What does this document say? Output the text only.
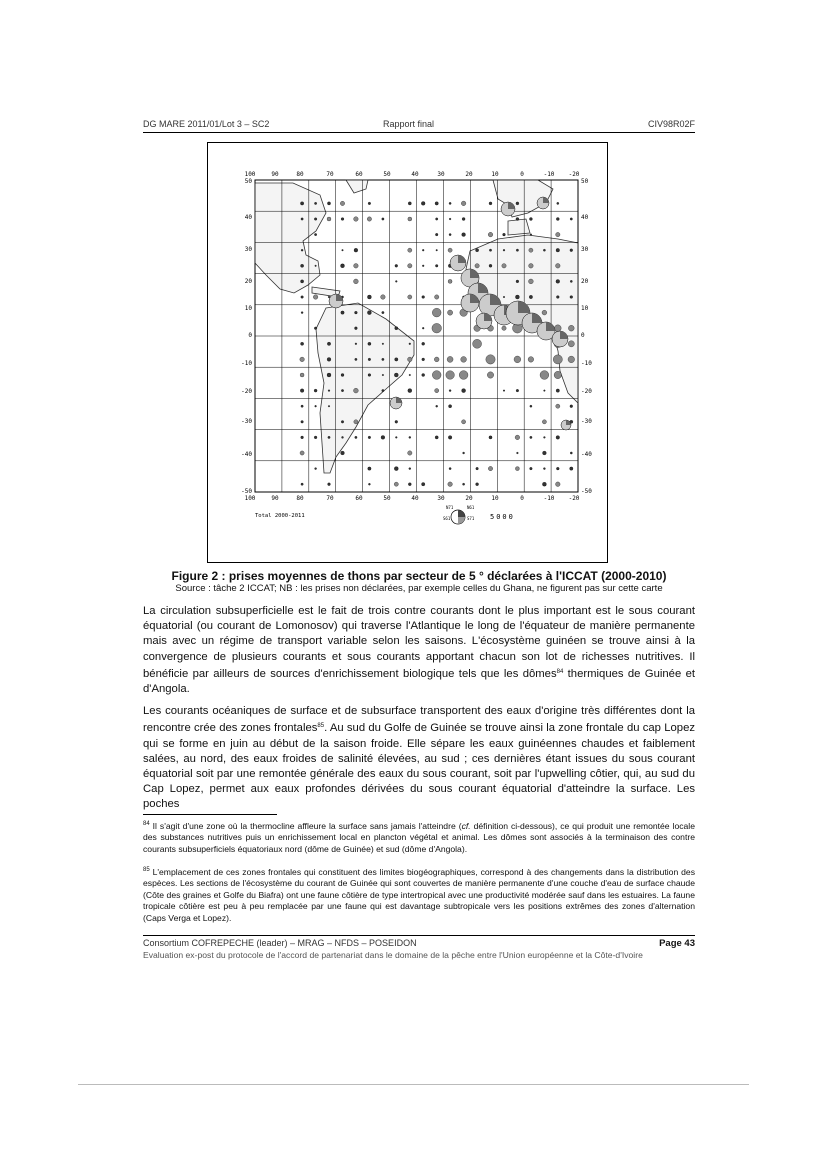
DG MARE 2011/01/Lot 3 – SC2	Rapport final	CIV98R02F
100	90	80	70	60	50	40	30	20	10	0	-10 -20
100	90	80	70	60	50	40	30	20	10	0	-10 -20
50
40
30
20
10
0
-10
-20
-30
-40
-50
50
40
30
20
10
0
-10
-20
-30
-40
-50
Total 2000-2011
N71	N61
S61	S71 5000
Figure 2 : prises moyennes de thons par secteur de 5 ° déclarées à l'ICCAT (2000-2010)
Source : tâche 2 ICCAT; NB : les prises non déclarées, par exemple celles du Ghana, ne figurent pas sur cette carte

La circulation subsuperficielle est le fait de trois contre courants dont le plus important est le sous courant équatorial (ou courant de Lomonosov) qui traverse l'Atlantique le long de l'équateur de manière permanente mais avec un régime de transport variable selon les saisons. L'écosystème guinéen se trouve ainsi à la convergence de plusieurs courants et sous courants apportant chacun son lot de richesses nutritives. Il bénéficie par ailleurs de sources d'enrichissement biologique tels que les dômes$^{84}$ thermiques de Guinée et d'Angola.

Les courants océaniques de surface et de subsurface transportent des eaux d'origine très différentes dont la rencontre crée des zones frontales$^{85}$. Au sud du Golfe de Guinée se trouve ainsi la zone frontale du cap Lopez qui se forme en juin au début de la saison froide. Elle sépare les eaux guinéennes chaudes et faiblement salées, au nord, des eaux froides de salinité élevées, au sud ; ces dernières étant issues du sous courant équatorial soit par une remontée générale des eaux du sous courant, soit par l'upwelling côtier, qui, au sud du Cap Lopez, permet aux eaux profondes dérivées du sous courant équatorial d'atteindre la surface. Les poches

$^{84}$ Il s'agit d'une zone où la thermocline affleure la surface sans jamais l'atteindre (cf. définition ci-dessous), ce qui produit une remontée locale des substances nutritives puis un enrichissement local en plancton végétal et animal. Les dômes sont associés à la terminaison des contre courants subsuperficiels équatoriaux nord (dôme de Guinée) et sud (dôme d'Angola).
$^{85}$ L'emplacement de ces zones frontales qui constituent des limites biogéographiques, correspond à des changements dans la distribution des espèces. Les sections de l'écosystème du courant de Guinée qui sont couvertes de manière permanente d'une couche d'eau de surface chaude (Côte des graines et Golfe du Biafra) ont une faune côtière de type intertropical avec une productivité modérée sauf dans les estuaires. La faune tropicale côtière est peu à peu remplacée par une faune qui est davantage subtropicale vers les positions extrêmes des zones d'alternation (Caps Verga et Lopez).
Consortium COFREPECHE (leader) – MRAG – NFDS – POSEIDON	Page 43
Evaluation ex-post du protocole de l'accord de partenariat dans le domaine de la pêche entre l'Union européenne et la Côte-d'Ivoire
